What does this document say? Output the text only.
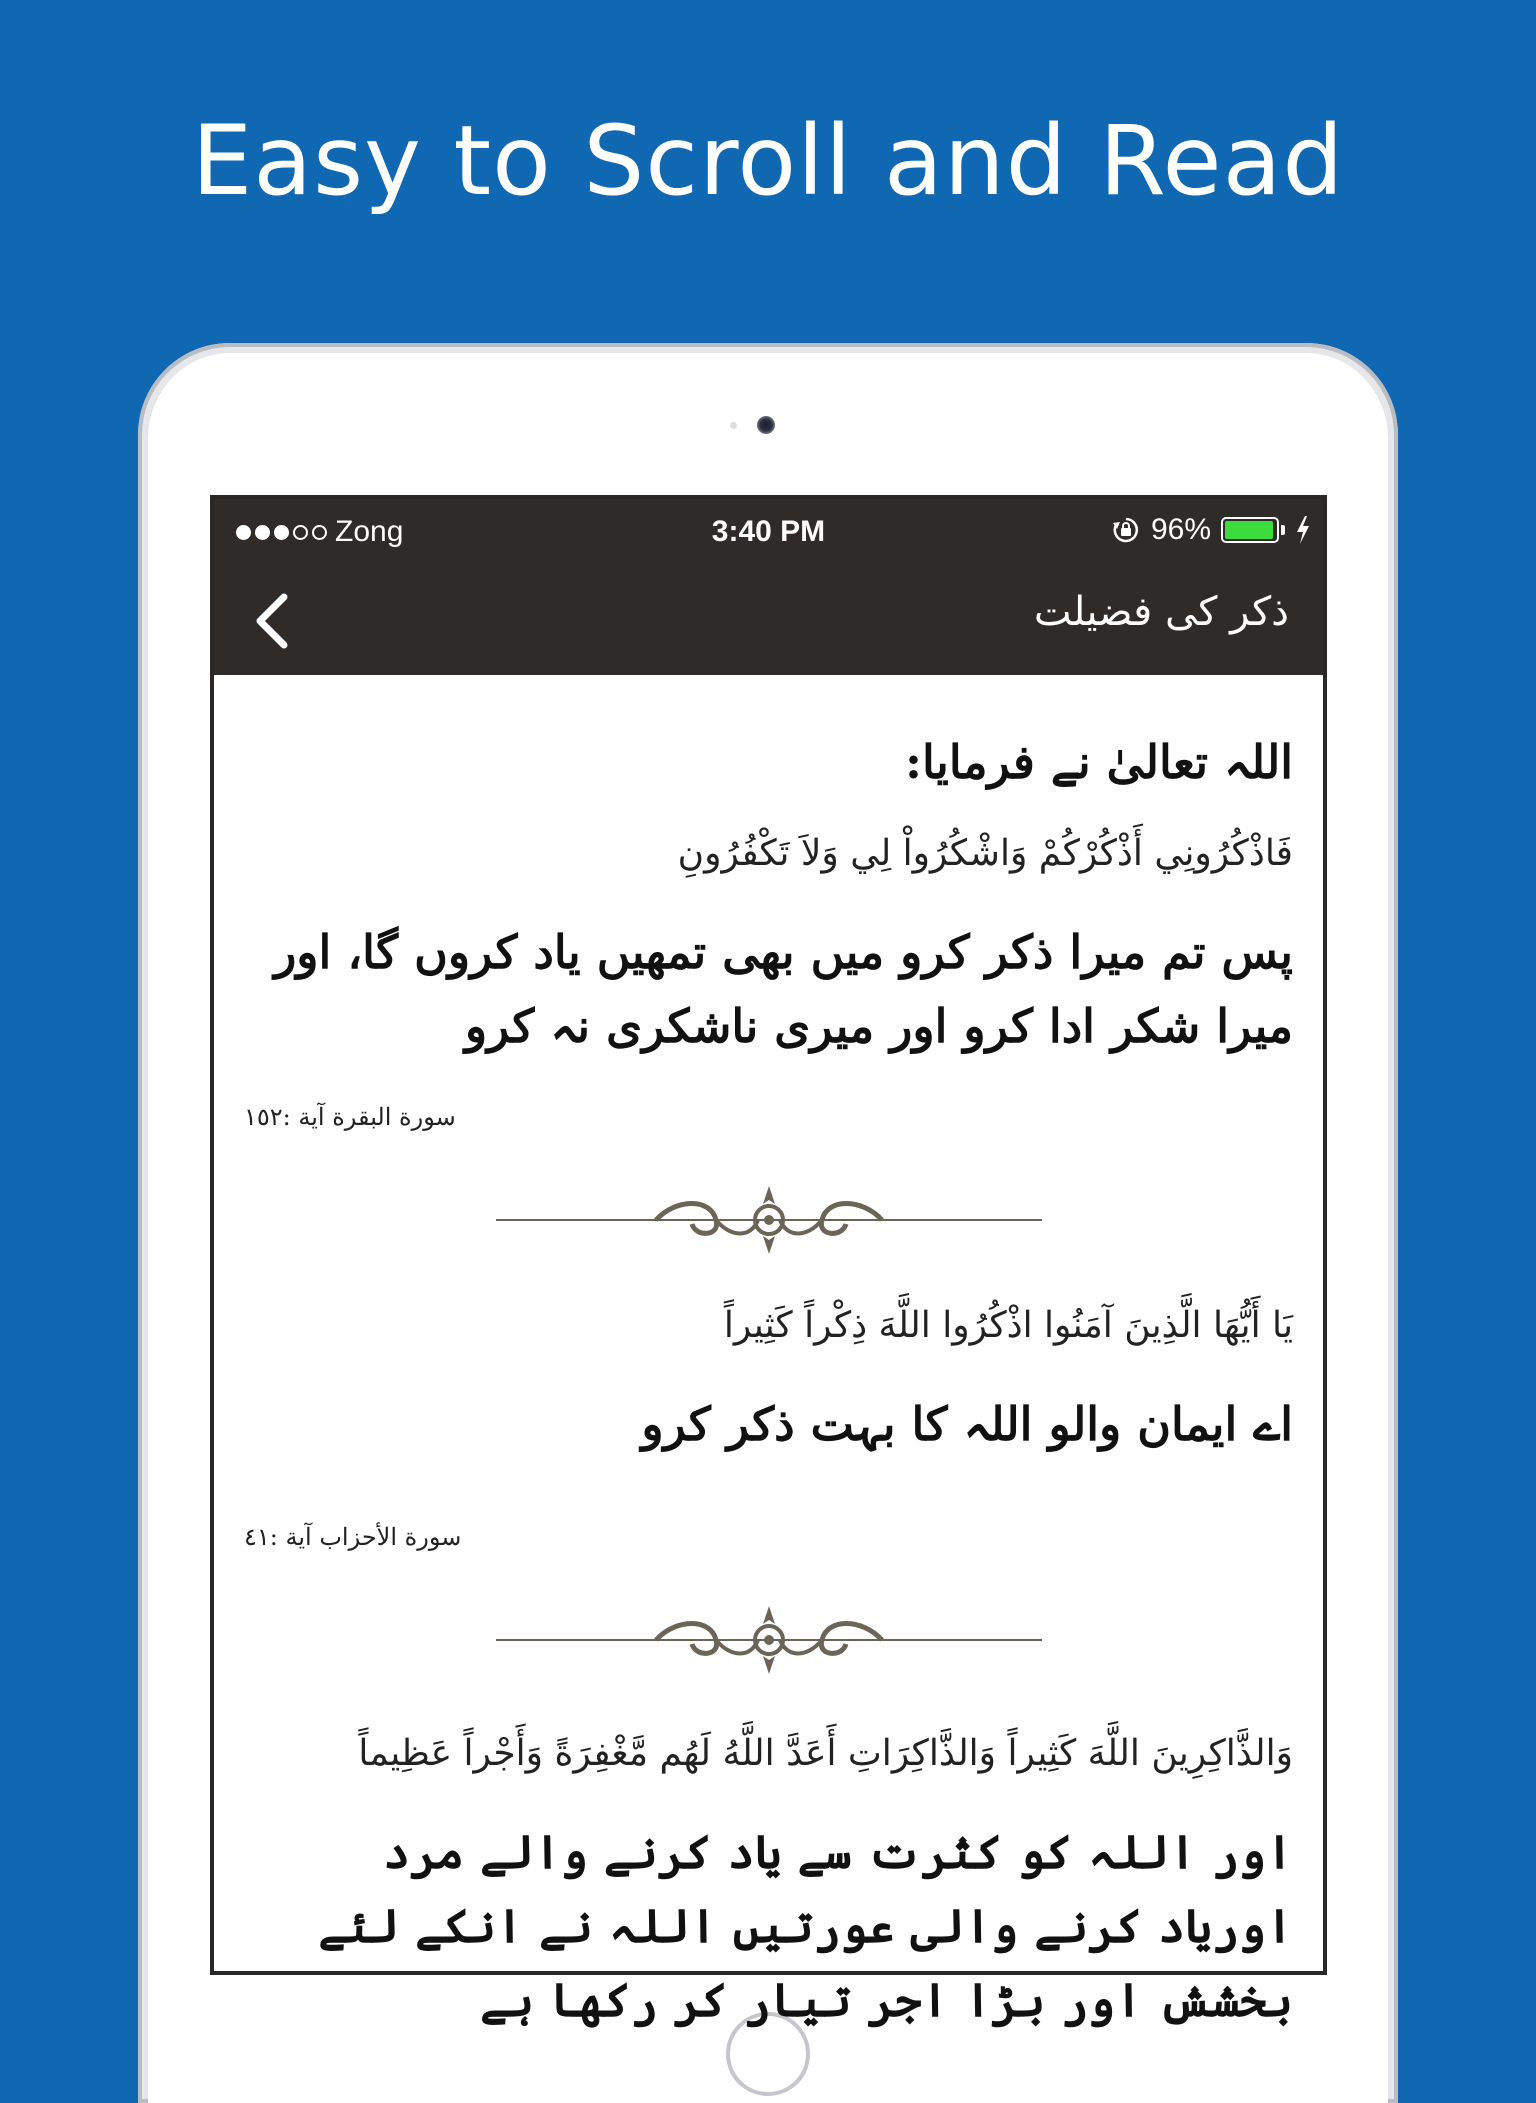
Easy to Scroll and Read
Zong	3:40 PM	96%
ذکر کی فضیلت
اللہ تعالیٰ نے فرمایا:
فَاذْكُرُونِي أَذْكُرْكُمْ وَاشْكُرُواْ لِي وَلاَ تَكْفُرُونِ
پس تم میرا ذکر کرو میں بھی تمھیں یاد کروں گا، اور میرا شکر ادا کرو اور میری ناشکری نہ کرو
سورة البقرة آیة :١٥٢
يَا أَيُّهَا الَّذِينَ آمَنُوا اذْكُرُوا اللَّهَ ذِكْراً كَثِيراً
اے ایمان والو اللہ کا بہت ذکر کرو
سورة الأحزاب آیة :٤١
وَالذَّاكِرِينَ اللَّهَ كَثِيراً وَالذَّاكِرَاتِ أَعَدَّ اللَّهُ لَهُم مَّغْفِرَةً وَأَجْراً عَظِيماً
اور اللہ کو کثرت سے یاد کرنے والے مرد اوریاد کرنے والی عورتیں اللہ نے انکے لئے بخشش اور بڑا اجر تیار کر رکھا ہے
